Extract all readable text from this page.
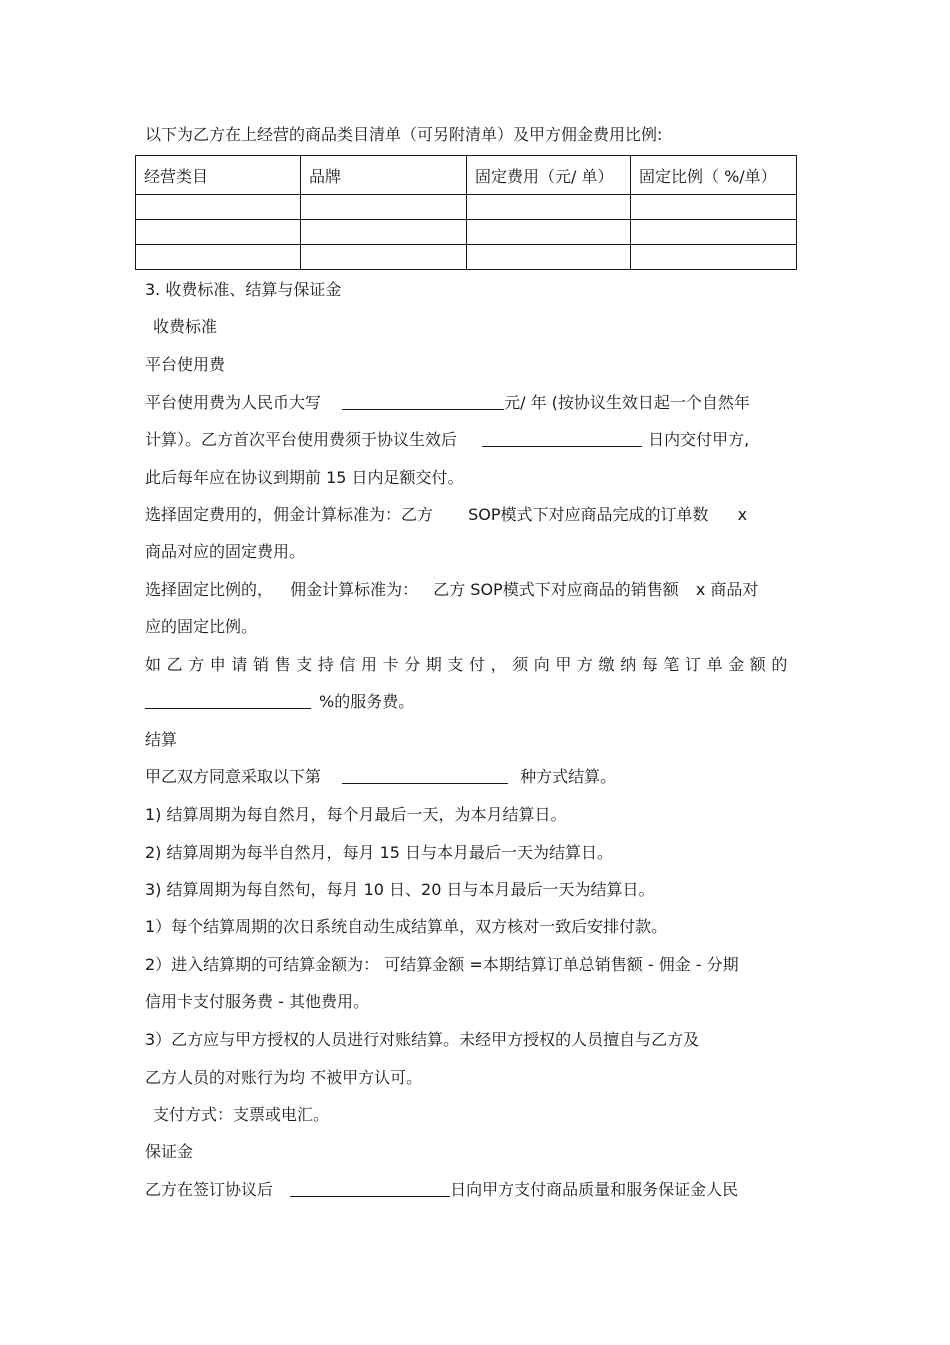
以下为乙方在上经营的商品类目清单（可另附清单）及甲方佣金费用比例:
经营类目	品牌	固定费用（元/ 单）	固定比例（ %/单）

3. 收费标准、结算与保证金
收费标准
平台使用费
平台使用费为人民币大写	元/ 年 (按协议生效日起一个自然年
计算）。乙方首次平台使用费须于协议生效后	日内交付甲方,
此后每年应在协议到期前 15 日内足额交付。
选择固定费用的，佣金计算标准为：乙方 SOP模式下对应商品完成的订单数 x
商品对应的固定费用。
选择固定比例的， 佣金计算标准为： 乙方 SOP模式下对应商品的销售额 x 商品对
应的固定比例。
如乙方申请销售支持信用卡分期支付，须向甲方缴纳每笔订单金额的
%的服务费。
结算
甲乙双方同意采取以下第	种方式结算。
1) 结算周期为每自然月，每个月最后一天，为本月结算日。
2) 结算周期为每半自然月，每月 15 日与本月最后一天为结算日。
3) 结算周期为每自然旬，每月 10 日、20 日与本月最后一天为结算日。
1）每个结算周期的次日系统自动生成结算单，双方核对一致后安排付款。
2）进入结算期的可结算金额为： 可结算金额 =本期结算订单总销售额 - 佣金 - 分期
信用卡支付服务费 - 其他费用。
3）乙方应与甲方授权的人员进行对账结算。未经甲方授权的人员擅自与乙方及
乙方人员的对账行为均 不被甲方认可。
支付方式：支票或电汇。
保证金
乙方在签订协议后	日向甲方支付商品质量和服务保证金人民
